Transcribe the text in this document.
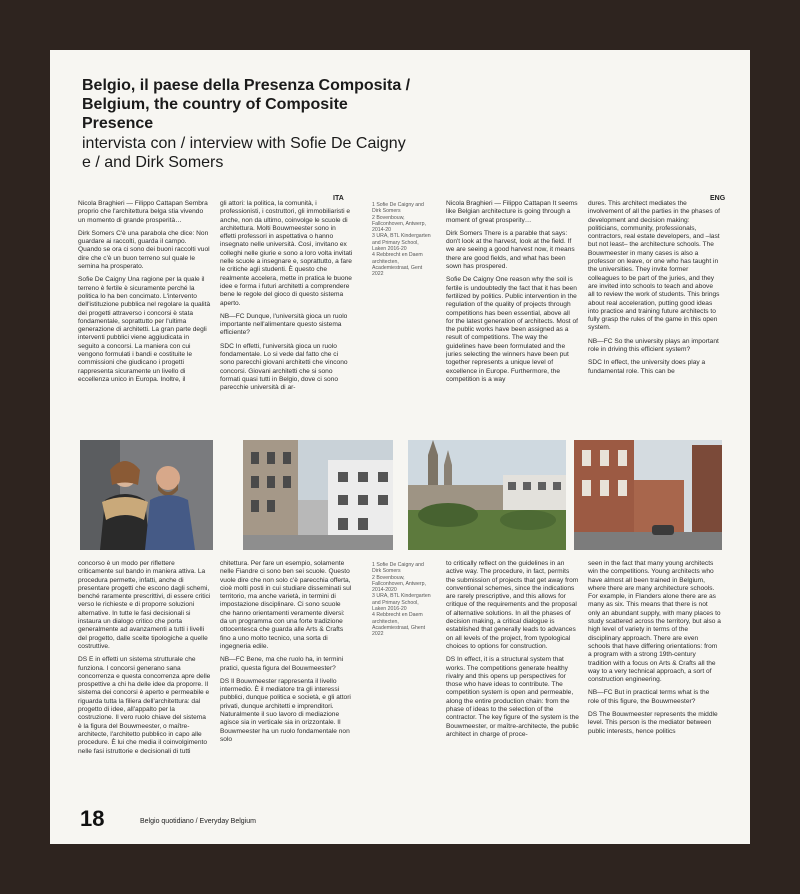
Belgio, il paese della Presenza Composita / Belgium, the country of Composite Presence
intervista con / interview with Sofie De Caigny e / and Dirk Somers
ITA	ENG

Nicola Braghieri — Filippo Cattapan Sembra proprio che l'architettura belga stia vivendo un momento di grande prosperità…

Dirk Somers C'è una parabola che dice: Non guardare ai raccolti, guarda il campo. Quando se ora ci sono dei buoni raccolti vuol dire che c'è un buon terreno sul quale le semina ha prosperato.

Sofie De Caigny Una ragione per la quale il terreno è fertile è sicuramente perché la politica lo ha ben concimato. L'intervento dell'istituzione pubblica nel regolare la qualità dei progetti attraverso i concorsi è stata fondamentale, soprattutto per l'ultima generazione di architetti. La gran parte degli interventi pubblici viene aggiudicata in seguito a concorsi. La maniera con cui vengono formulati i bandi e costituite le commissioni che giudicano i progetti rappresenta sicuramente un livello di eccellenza unico in Europa. Inoltre, il

gli attori: la politica, la comunità, i professionisti, i costruttori, gli immobiliaristi e anche, non da ultimo, coinvolge le scuole di architettura. Molti Bouwmeester sono in effetti professori in aspettativa o hanno insegnato nelle università. Così, invitano ex colleghi nelle giurie e sono a loro volta invitati nelle scuole a insegnare e, soprattutto, a fare le critiche agli studenti. È questo che realmente accelera, mette in pratica le buone idee e forma i futuri architetti a comprendere bene le regole del gioco di questo sistema aperto.

NB—FC Dunque, l'università gioca un ruolo importante nell'alimentare questo sistema efficiente?

SDC In effetti, l'università gioca un ruolo fondamentale. Lo si vede dal fatto che ci sono parecchi giovani architetti che vincono concorsi. Giovani architetti che si sono formati quasi tutti in Belgio, dove ci sono parecchie università di ar-

1 Sofie De Caigny and Dirk Somers
2 Bovenbouw, Fallconhoven, Antwerp, 2014-20
3 URA, BTL Kindergarten and Primary School, Laken 2016-20
4 Rebbrecht en Daem architecten, Academiestraat, Gent 2022

Nicola Braghieri — Filippo Cattapan It seems like Belgian architecture is going through a moment of great prosperity…

Dirk Somers There is a parable that says: don't look at the harvest, look at the field. If we are seeing a good harvest now, it means there are good fields, and what has been sown has prospered.

Sofie De Caigny One reason why the soil is fertile is undoubtedly the fact that it has been fertilized by politics. Public intervention in the regulation of the quality of projects through competitions has been essential, above all for the latest generation of architects. Most of the public works have been assigned as a result of competitions. The way the guidelines have been formulated and the juries selecting the winners have been put together represents a unique level of excellence in Europe. Furthermore, the competition is a way

dures. This architect mediates the involvement of all the parties in the phases of development and decision making: politicians, community, professionals, contractors, real estate developers, and –last but not least– the architecture schools. The Bouwmeester in many cases is also a professor on leave, or one who has taught in the universities. They invite former colleagues to be part of the juries, and they are invited into schools to teach and above all to review the work of students. This brings about real acceleration, putting good ideas into practice and training future architects to fully grasp the rules of the game in this open system.

NB—FC So the university plays an important role in driving this efficient system?

SDC In effect, the university does play a fundamental role. This can be

concorso è un modo per riflettere criticamente sul bando in maniera attiva. La procedura permette, infatti, anche di presentare progetti che escono dagli schemi, benché raramente prescrittivi, di essere critici verso le richieste e di proporre soluzioni alternative. In tutte le fasi decisionali si instaura un dialogo critico che porta generalmente ad avanzamenti a tutti i livelli del progetto, dalle scelte tipologiche a quelle costruttive.

DS E in effetti un sistema strutturale che funziona. I concorsi generano sana concorrenza e questa concorrenza apre delle prospettive a chi ha delle idee da proporre. Il sistema dei concorsi è aperto e permeabile e riguarda tutta la filiera dell'architettura: dal progetto di idee, all'appalto per la costruzione. Il vero ruolo chiave del sistema è la figura del Bouwmeester, o maître-architecte, l'architetto pubblico in capo alle procedure. È lui che media il coinvolgimento nelle fasi istruttorie e decisionali di tutti

chitettura. Per fare un esempio, solamente nelle Fiandre ci sono ben sei scuole. Questo vuole dire che non solo c'è parecchia offerta, cioè molti posti in cui studiare disseminati sul territorio, ma anche varietà, in termini di impostazione disciplinare. Ci sono scuole che hanno orientamenti veramente diversi: da un programma con una forte tradizione ottocentesca che guarda alle Arts & Crafts fino a uno molto tecnico, una sorta di ingegneria edile.

NB—FC Bene, ma che ruolo ha, in termini pratici, questa figura del Bouwmeester?

DS Il Bouwmeester rappresenta il livello intermedio. È il mediatore tra gli interessi pubblici, dunque politica e società, e gli attori privati, dunque architetti e imprenditori. Naturalmente il suo lavoro di mediazione agisce sia in verticale sia in orizzontale. Il Bouwmeester ha un ruolo fondamentale non solo

1 Sofie De Caigny and Dirk Somers
2 Bovenbouw, Fallconhoven, Antwerp, 2014-2020
3 URA, BTL Kindergarten and Primary School, Laken 2016-20
4 Rebbrecht en Daem architecten, Academiestraat, Ghent 2022

to critically reflect on the guidelines in an active way. The procedure, in fact, permits the submission of projects that get away from conventional schemes, since the indications are rarely prescriptive, and this allows for critique of the requirements and the proposal of alternative solutions. In all the phases of decision making, a critical dialogue is established that generally leads to advances on all levels of the project, from typological choices to options for construction.

DS In effect, it is a structural system that works. The competitions generate healthy rivalry and this opens up perspectives for those who have ideas to contribute. The competition system is open and permeable, along the entire production chain: from the phase of ideas to the selection of the contractor. The key figure of the system is the Bouwmeester, or maître-architecte, the public architect in charge of proce-

seen in the fact that many young architects win the competitions. Young architects who have almost all been trained in Belgium, where there are many architecture schools. For example, in Flanders alone there are as many as six. This means that there is not only an abundant supply, with many places to study scattered across the territory, but also a high level of variety in terms of the disciplinary approach. There are even schools that have differing orientations: from a program with a strong 19th-century tradition with a focus on Arts & Crafts all the way to a very technical approach, a sort of construction engineering.

NB—FC But in practical terms what is the role of this figure, the Bouwmeester?

DS The Bouwmeester represents the middle level. This person is the mediator between public interests, hence politics

18	Belgio quotidiano / Everyday Belgium
